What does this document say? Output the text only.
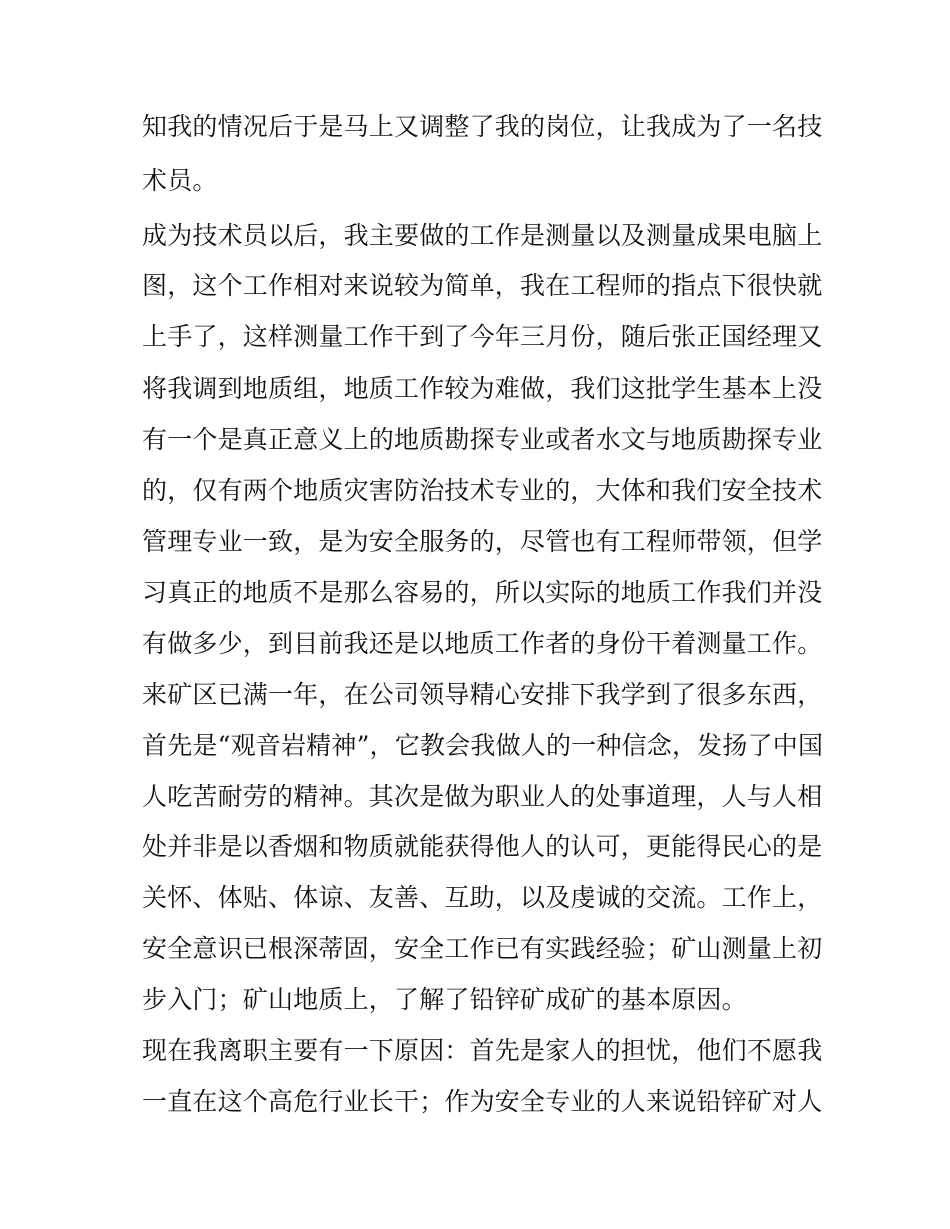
知我的情况后于是马上又调整了我的岗位，让我成为了一名技
术员。
成为技术员以后，我主要做的工作是测量以及测量成果电脑上
图，这个工作相对来说较为简单，我在工程师的指点下很快就
上手了，这样测量工作干到了今年三月份，随后张正国经理又
将我调到地质组，地质工作较为难做，我们这批学生基本上没
有一个是真正意义上的地质勘探专业或者水文与地质勘探专业
的，仅有两个地质灾害防治技术专业的，大体和我们安全技术
管理专业一致，是为安全服务的，尽管也有工程师带领，但学
习真正的地质不是那么容易的，所以实际的地质工作我们并没
有做多少，到目前我还是以地质工作者的身份干着测量工作。
来矿区已满一年，在公司领导精心安排下我学到了很多东西，
首先是“观音岩精神”，它教会我做人的一种信念，发扬了中国
人吃苦耐劳的精神。其次是做为职业人的处事道理，人与人相
处并非是以香烟和物质就能获得他人的认可，更能得民心的是
关怀、体贴、体谅、友善、互助，以及虔诚的交流。工作上，
安全意识已根深蒂固，安全工作已有实践经验；矿山测量上初
步入门；矿山地质上，了解了铅锌矿成矿的基本原因。
现在我离职主要有一下原因：首先是家人的担忧，他们不愿我
一直在这个高危行业长干；作为安全专业的人来说铅锌矿对人
